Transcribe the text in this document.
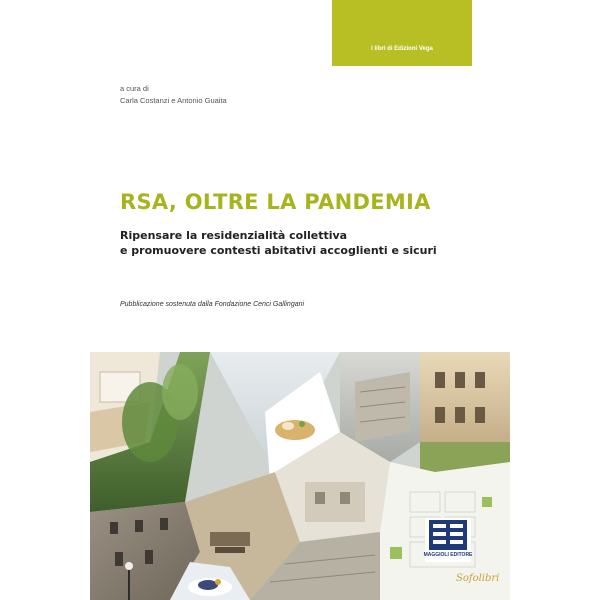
I libri di Edizioni Vega
a cura di
Carla Costanzi e Antonio Guaita
RSA, OLTRE LA PANDEMIA
Ripensare la residenzialità collettiva
e promuovere contesti abitativi accoglienti e sicuri
Pubblicazione sostenuta dalla Fondazione Cenci Gallingani
MAGGIOLI EDITORE
Sofolibri
